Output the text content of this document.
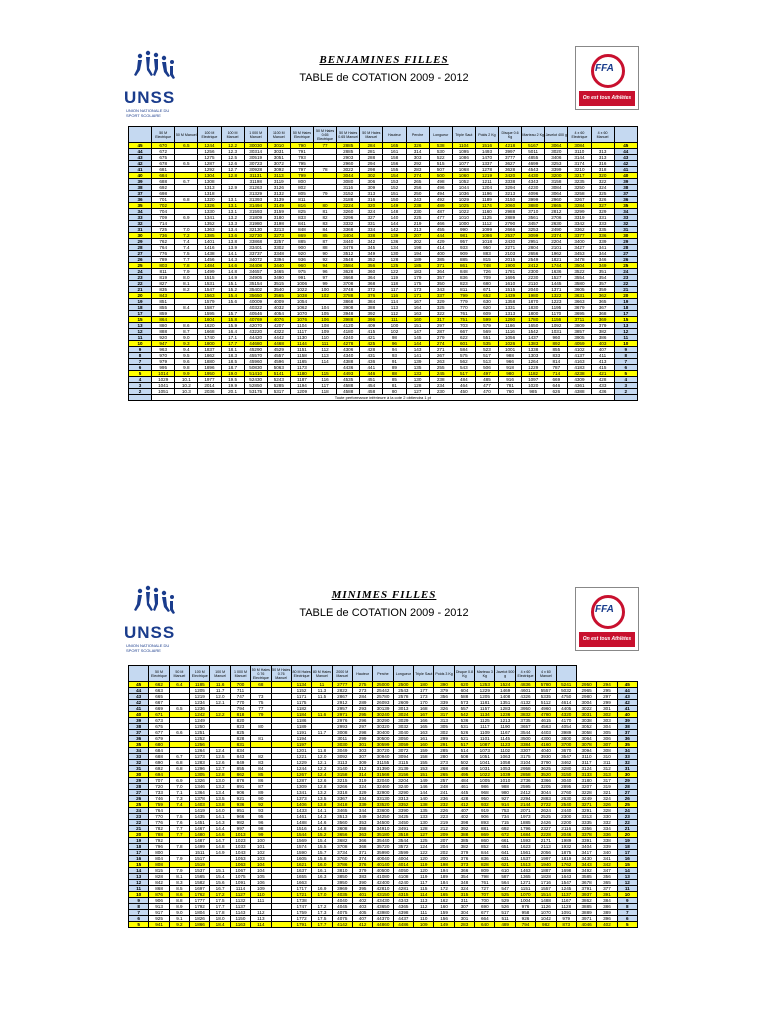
UNSS
UNION NATIONALE DU SPORT SCOLAIRE
BENJAMINES FILLES
TABLE de COTATION 2009 - 2012
FFA
On est tous Athlètes
	50 M Electrique	50 M Manuel	100 M Electrique	100 M Manuel	1 000 M Manuel	1100 M Manuel	50 M Haies Electrique	50 M Haies 0.65 Electrique	50 M Haies 0.65 Manuel	50 M Haies Manuel	Hauteur	Perche	Longueur	Triple Saut	Poids 2 Kg	Disque 0.6 Kg	Marteau 2 Kg	Javelot 400 g	4 x 60 Electrique	4 x 60 Manuel	
45	670	6.5	1244	12.2	30030	3010	790	77	2885	284	165	326	538	1104	1516	4218	5167	3064	3084		45
44	672		1256	12.3	30314	3031	791		2885	281	161	314	530	1095	1493	3997	5011	3020	3110	313	44
43	675		1275	12.5	30519	3051	793		2903	288	158	303	522	1086	1470	3777	4855	3406	3144	313	43
42	678	6.5	1287	12.6	30723	3072	795		2960	294	156	292	515	1077	1337	3627	4699	3253	3174	316	42
41	681		1292	12.7	30928	3092	797	78	3022	298	155	283	507	1068	1278	3628	4543	3399	3210	318	41
40	684		1304	12.8	31131	3113	799		3044	302	154	274	500	1060	1219	3420	4430	3200	3217	320	40
39	688	6.7	1308		31198	3119	800		3080	306	153	265	498	1052	1211	3338	4343	3158	3235	322	39
38	692		1313	12.9	31263	3126	802		3116	309	152	256	496	1044	1204	3294	4230	3084	3250	324	38
37	698		1318		31329	3132	805	79	3152	313	151	250	494	1036	1196	3213	4096	3064	3258	325	37
36	701	6.8	1320	13.1	31393	3139	811		3188	316	150	243	492	1029	1189	3150	3999	2960	3267	326	36
35	702		1326	13.1	31494	3149	816	80	3224	320	149	238	489	1025	1174	3060	3880	2865	3284	327	35
34	704		1330	13.1	31593	3159	825	81	3260	324	148	230	487	1022	1160	2988	3710	2812	3299	329	34
33	709	6.9	1341	13.2	31809	3180	833	82	3296	327	140	225	477	1010	1125	2889	3561	2706	3319	331	33
32	714		1352	13.3	31980	3198	841	83	3332	331	144	219	466	1000	1112	2790	3457	2630	3342	333	32
31	725	7.0	1363	13.4	32130	3213	848	84	3368	334	142	213	455	990	1099	2666	3253	2490	3362	335	31
30	736	7.2	1385	13.6	32730	3273	869	85	3404	338	139	207	444	981	1086	2537	3099	2374	3377	336	30
29	762	7.4	1401	13.8	33868	3257	885	87	3440	342	136	202	429	957	1018	2430	2951	2204	3400	339	29
28	764	7.4	1416	13.9	33401	3302	900	88	3476	345	134	198	414	933	950	2271	2804	2101	3427	341	28
27	776	7.5	1438	14.1	33737	3348	920	90	3512	349	130	194	400	909	883	2103	2656	1962	3453	344	27
26	789	7.7	1456	14.3	34072	3394	936	92	3548	352	128	189	385	885	815	2015	2549	1821	3478	346	26
25	803	7.8	1484	14.6	34408	3440	960	94	3584	356	125	185	371	861	748	1900	2412	1744	3504	349	25
24	811	7.9	1499	14.8	34657	3465	975	96	3628	360	122	183	364	848	726	1781	2300	1636	3522	351	24
23	819	8.0	1515	14.9	34905	3490	991	97	3668	364	119	179	357	836	709	1695	2230	1527	3554	354	23
22	827	8.1	1531	15.1	35154	3515	1006	99	3708	368	118	175	350	823	680	1610	2110	1445	3580	357	22
21	835	8.2	1547	15.2	35402	3540	1022	100	3748	372	117	173	343	811	671	1515	2040	1371	3605	359	21
20	843		1563	15.4	35650	3565	1038	102	3788	376	116	171	337	799	652	1439	1980	1322	3631	362	20
19	851		1579	15.6	40009	4009	1054		3868	384	114	167	329	779	630	1358	1870	1223	3663	365	19
18	855	8.4	1587		40322	4032	1062	104	3908	388	113	164	325	770	620	1331	1830	1195	3679	367	18
17	859		1595	15.7	40546	4054	1070	105	3948	392	112	163	322	761	609	1313	1800	1170	3695	368	17
15	864		1604	15.8	40769	4076	1076	106	3988	396	111	160	317	751	599	1290	1780	1156	3711	369	15
13	880	8.6	1620	15.9	42070	4207	1104	108	4120	409	100	151	297	703	579	1186	1650	1092	3809	379	13
12	888	8.7	1668	16.4	43220	4322	1117	109	4180	415	102	147	287	667	569	1116	1542	1031	3857	382	12
11	920	9.0	1740	17.1	44420	4442	1130	110	4240	421	98	145	279	622	551	1056	1437	960	3905	386	11
10	947	9.3	1800	17.7	44680	4468	1144	111	4278	425	96	144	274	601	535	1026	1383	892	4059	403	10
9	963	9.4	1837	18.1	45290	4529	1151	112	4306	428	94	143	271	584	523	1001	1338	855	4102	407	9
8	970	9.5	1862	18.3	45570	4557	1158	113	4340	431	93	141	267	575	517	988	1303	833	4137	411	8
7	979	9.6	1880	18.5	45960	4596	1165	114	4388	436	91	139	263	562	513	966	1264	814	4163	413	7
6	995	9.8	1896	18.7	50830	5063	1173		4436	441	89	135	255	543	506	918	1229	787	4183	415	6
5	1014	9.9	1950	19.0	51410	5141	1180	115	4493	446	88	133	245	517	497	980	1182	714	4238	421	5
4	1029	10.1	1977	19.5	52430	5243	1187	116	4535	451	85	130	238	484	485	916	1097	669	4309	428	4
3	1041	10.2	2014	19.9	52850	5285	1194	117	4588	454	81	128	234	464	477	781	1020	646	4361	433	3
2	1051	10.3	2036	20.1	53175	5317	1209	118	4588	458	80	127	230	450	470	760	985	626	4388	436	2
	Toute performance inférieure à la cote 2 obtiendra 1 pt																				
UNSS
UNION NATIONALE DU SPORT SCOLAIRE
MINIMES FILLES
TABLE de COTATION 2009 - 2012	FFA
On est tous Athlètes
	50 M Electrique	50 M Manuel	100 M Electrique	100 M Manuel	1 000 M Manuel	50 M Haies 0.76 Electrique	50 M Haies 0.76 Manuel	80 M Haies Electrique	80 M Haies Manuel	2000 M Manuel	Hauteur	Perche	Longueur	Triple Saut	Poids 3 Kg	Disque 0.8 Kg	Marteau 3 Kg	Javelot 500 g	4 x 60 Electrique	4 x 60 Manuel				
45	662	6.4	1185	11.6	700	68		1134	11	2777	275	25000	2500	180	390	620	1253	1524	4836	5780	5241	2950	294	45
44	663		1205	11.7	711			1152	11.3	2822	273	25442	2543	177	379	604	1229	1469	4601	5557	5032	2965	295	44
43	665		1219	12.0	747	73		1171	11.5	2867	284	25780	2578	173	356	588	1205	1408	4326	5335	4750	2980	297	43
42	667		1234	12.1	770	75		1175		2912	289	26093	2609	170	339	573	1181	1351	4132	5112	4614	3004	299	42
41	669	6.5	1236		794	77		1182		2957	293	30139	3013	168	326	557	1157	1283	3950	4960	4405	3022	301	41
40	671		1242	12.2	818	79		1184	11.6	2971	295	30240	3024	167	317	542	1134	1236	3832	4780	4320	3031	302	40
39	673		1249		820			1186		2976	296	30290	3029	166	313	536	1125	1213	3735	4615	4170	3038	303	39
38	675		1250		823	80		1189		2993	297	30320	3032	165	305	531	1117	1190	3657	4563	4054	3052	304	38
37	677	6.6	1251		825			1191	11.7	3008	298	30400	3040	163	302	526	1109	1167	3544	4403	3989	3058	305	37
36	679		1252		828	81		1194		3011	299	30500	3050	161	299	521	1101	1145	3500	4300	3800	3064	306	36
35	680		1256		831			1197		3030	301	30599	3059	160	291	517	1087	1123	3384	4160	3700	3078	307	35
34	684		1264	12.4	834			1201	11.8	3049	303	30720	3072	159	285	514	1073	1102	3307	4040	3670	3094	308	34
33	688	6.7	1273	12.5	843	82		1221	12.0	3092	307	30940	3094	158	280	508	1051	1063	3175	3930	3547	3110	310	33
32	690	6.8	1283	12.6	849	83		1229	12.1	3113	309	31155	3115	155	273	502	1041	1058	3104	3790	3462	3117	311	32
31	692	6.8	1296	12.7	855	84		1244	12.2	3140	312	31390	3139	153	268	498	1031	1053	2958	3625	3280	3124	312	31
30	694		1305	12.8	862	85		1267	12.4	3158	314	31568	3156	151	265	495	1022	1039	2858	3520	3150	3133	313	30
29	707	6.9	1326	13.0	876	86		1287	12.6	3215	319	32040	3204	149	257	484	1005	1010	2736	3366	3040	3180	317	29
28	720	7.0	1346	13.2	891	87		1309	12.8	3266	324	32460	3240	146	248	461	986	988	2595	3205	2895	3207	319	28
27	733	7.1	1364	13.4	906	89		1341	13.2	3318	329	32900	3290	144	241	445	968	980	2412	3044	2760	3228	321	27
26	746	7.3	1378	13.5	921	90		1373	13.5	3367	334	33130	3313	140	236	428	950	927	2294	2883	2630	3249	324	26
25	759	7.4	1403	13.8	936	92		1406	13.8	3418	339	33520	3352	138	232	412	932	914	2144	2722	2540	3271	326	25
24	764		1419	14.0	951	93		1433	14.1	3465	344	33600	3390	135	226	407	919	753	2071	2624	2440	3291	328	24
23	770	7.5	1435	14.1	966	95		1461	14.3	3513	349	34250	3425	133	223	402	906	734	1973	2525	2300	3313	330	23
22	776	7.6	1451	14.3	982	96		1488	14.6	3560	353	34500	3450	130	219	398	893	715	1885	2426	2200	3335	332	22
21	782	7.7	1467	14.4	997	98		1516	14.8	3608	358	34910	3491	128	212	392	881	692	1796	2327	2116	3356	334	21
20	788	7.7	1480	14.6	1013	99		1544	15.2	3656	363	35180	3518	127	209	388	869	672	1684	2228	2046	3378	336	20
19	792		1487	14.7	1023	100		1569	15.4	3682	366	35440	3544	125	207	385	860	661	1593	2171	1989	3391	338	19
18	796	7.8	1499	14.8	1033	101		1574	15.5	3708	368	35720	3572	124	204	382	852	651	1623	2113	1932	3404	339	18
17	800		1511	14.9	1043	102		1590	15.7	3734	371	35990	3599	122	202	379	844	641	1561	2056	1875	3417	340	17
16	804	7.9	1517		1053	103		1605	15.8	3760	374	40040	4004	120	200	376	836	631	1537	1997	1819	3430	341	16
15	808		1519		1063	104		1621	16.0	3786	376	40140	4014	119	198	373	828	621	1513	1940	1762	3443	342	15
14	815	7.9	1537	15.1	1067	104		1637	16.1	3810	379	40500	4050	120	194	366	809	610	1463	1887	1698	3492	347	14
13	828	8.1	1565	15.4	1075	105		1655	16.3	3850	383	41080	4108	119	189	354	798	587	1365	1828	1643	3585	356	13
12	842	8.3	1582	15.6	1091	106		1663		3950	390	42400	4240	117	184	348	761	564	1271	1716	1547	3678	365	12
11	868	8.5	1697	16.7	1114	109		1717	16.9	3969	395	42810	4281	115	172	324	727	547	1151	1557	1245	3791	377	11
10	876	8.6	1762	17.2	1127	110		1721	17.0	4035	401	43150	4315	114	165	315	707	525	1070	1514	1137	3937	391	10
9	906	8.8	1777	17.5	1132	111		1738		4040	402	43430	4343	113	162	311	700	529	1004	1488	1167	3862	384	9
8	913	8.9	1792	17.7	1137			1747	17.2	4045	403	43650	4365	112	160	307	690	526	976	1126	1128	3885	386	8
7	917	9.0	1804	17.8	1143	112		1759	17.3	4075	405	43980	4398	111	159	304	677	517	958	1070	1091	3889	389	7
6	925	9.1	1826	18.0	1150	113		1772	17.5	4075	407	44370	4437	110	156	301	664	511	926	1042	979	3971	396	6
5	941	9.2	1866	18.4	1163	114		1791	17.7	4142	412	44860	4486	109	149	283	640	489	794	982	873	4046	402	5
